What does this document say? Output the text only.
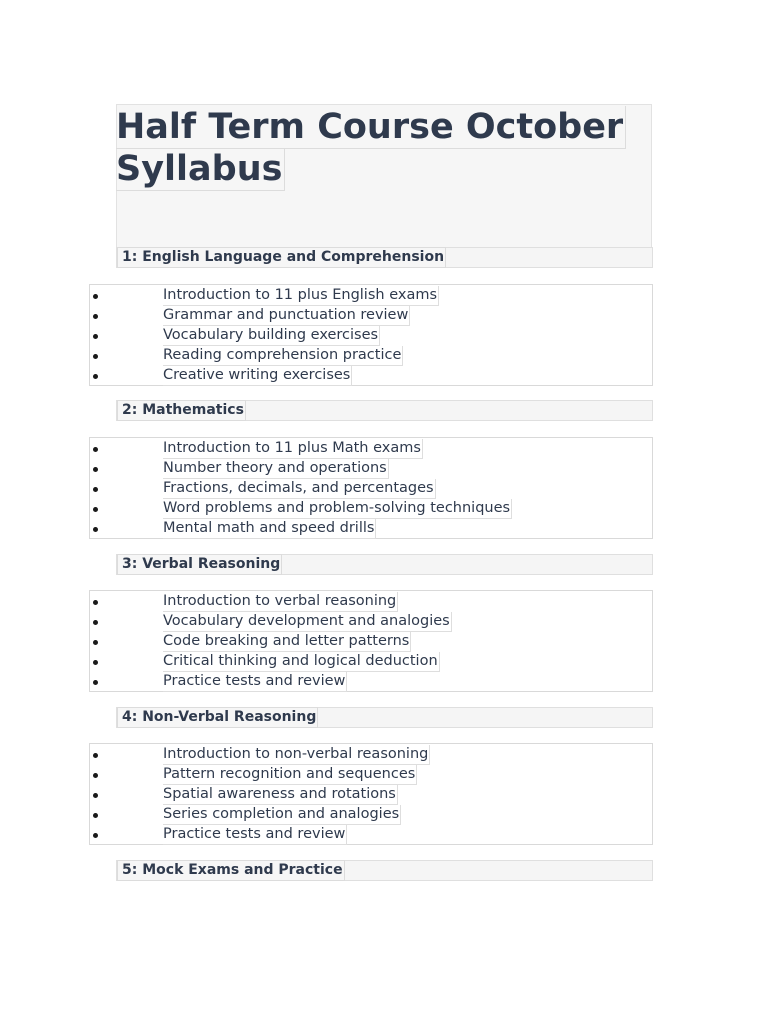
Half Term Course October
Syllabus
1: English Language and Comprehension
Introduction to 11 plus English exams
Grammar and punctuation review
Vocabulary building exercises
Reading comprehension practice
Creative writing exercises
2: Mathematics
Introduction to 11 plus Math exams
Number theory and operations
Fractions, decimals, and percentages
Word problems and problem-solving techniques
Mental math and speed drills
3: Verbal Reasoning
Introduction to verbal reasoning
Vocabulary development and analogies
Code breaking and letter patterns
Critical thinking and logical deduction
Practice tests and review
4: Non-Verbal Reasoning
Introduction to non-verbal reasoning
Pattern recognition and sequences
Spatial awareness and rotations
Series completion and analogies
Practice tests and review
5: Mock Exams and Practice
